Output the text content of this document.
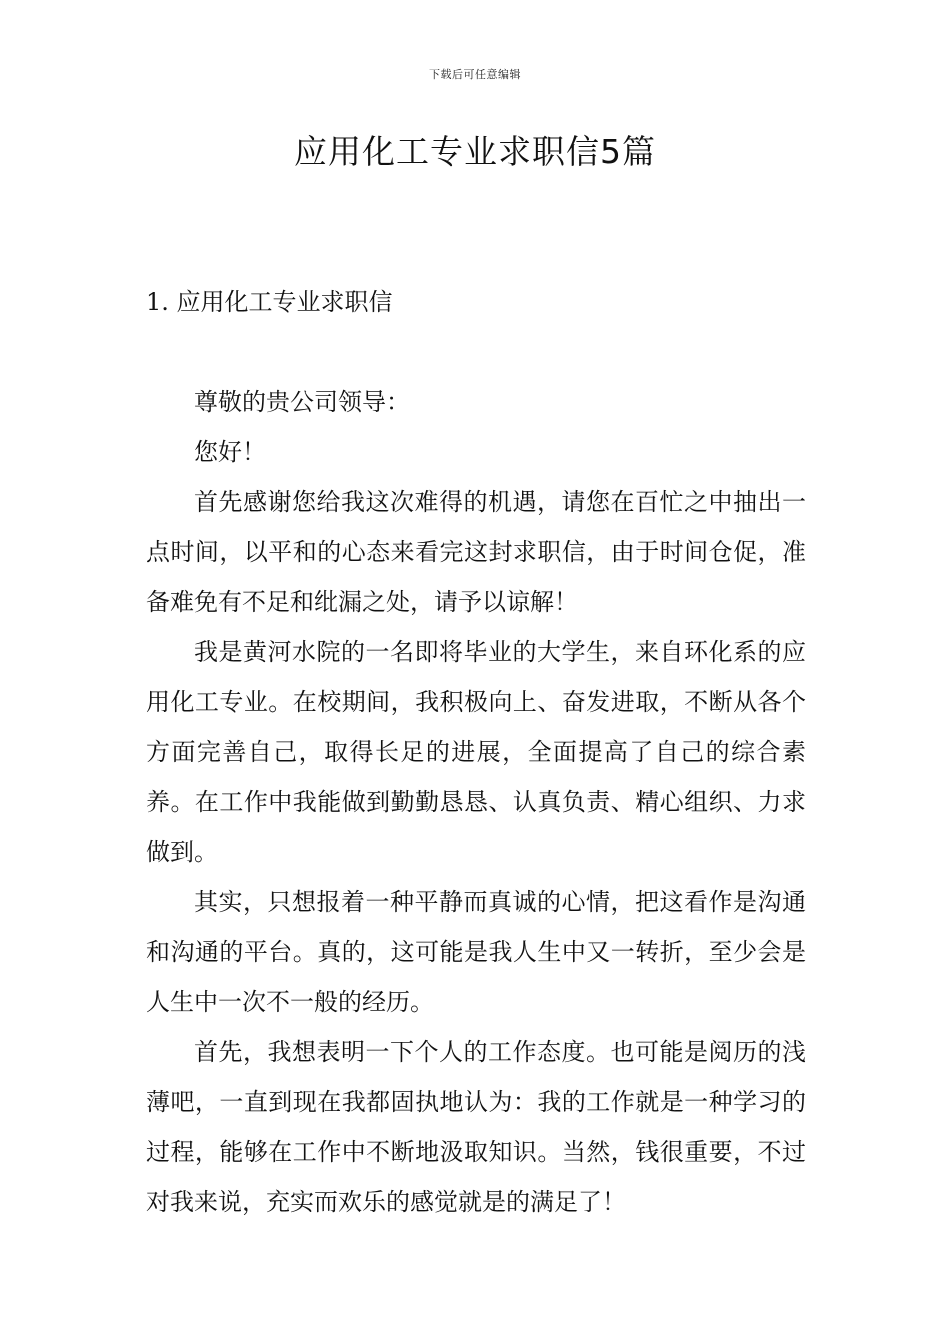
下载后可任意编辑
应用化工专业求职信5篇
1. 应用化工专业求职信

尊敬的贵公司领导：

您好！

首先感谢您给我这次难得的机遇，请您在百忙之中抽出一点时间，以平和的心态来看完这封求职信，由于时间仓促，准备难免有不足和纰漏之处，请予以谅解！

我是黄河水院的一名即将毕业的大学生，来自环化系的应用化工专业。在校期间，我积极向上、奋发进取，不断从各个方面完善自己，取得长足的进展，全面提高了自己的综合素养。在工作中我能做到勤勤恳恳、认真负责、精心组织、力求做到。

其实，只想报着一种平静而真诚的心情，把这看作是沟通和沟通的平台。真的，这可能是我人生中又一转折，至少会是人生中一次不一般的经历。

首先，我想表明一下个人的工作态度。也可能是阅历的浅薄吧，一直到现在我都固执地认为：我的工作就是一种学习的过程，能够在工作中不断地汲取知识。当然，钱很重要，不过对我来说，充实而欢乐的感觉就是的满足了！
